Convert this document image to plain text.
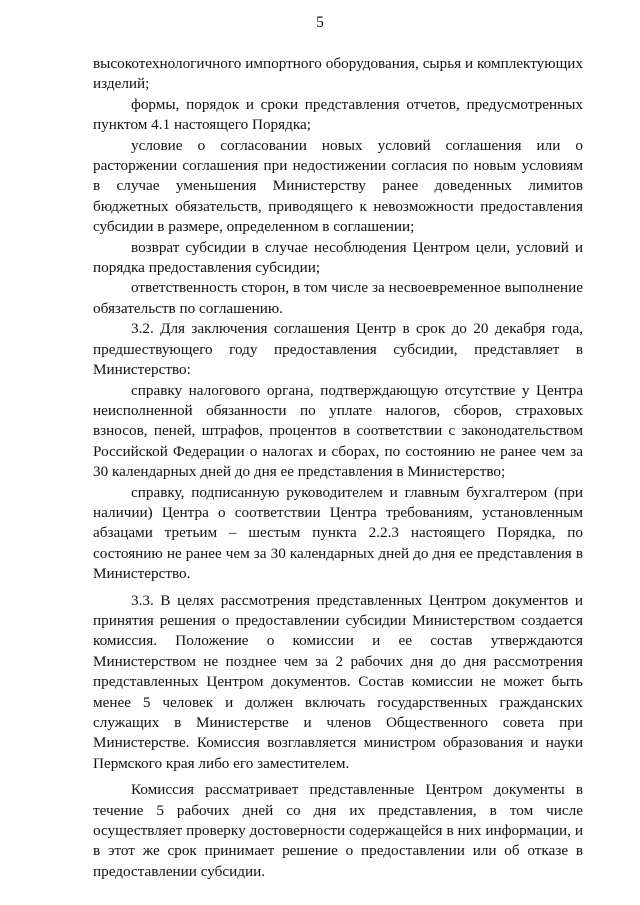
5

высокотехнологичного импортного оборудования, сырья и комплектующих изделий;

формы, порядок и сроки представления отчетов, предусмотренных пунктом 4.1 настоящего Порядка;

условие о согласовании новых условий соглашения или о расторжении соглашения при недостижении согласия по новым условиям в случае уменьшения Министерству ранее доведенных лимитов бюджетных обязательств, приводящего к невозможности предоставления субсидии в размере, определенном в соглашении;

возврат субсидии в случае несоблюдения Центром цели, условий и порядка предоставления субсидии;

ответственность сторон, в том числе за несвоевременное выполнение обязательств по соглашению.

3.2. Для заключения соглашения Центр в срок до 20 декабря года, предшествующего году предоставления субсидии, представляет в Министерство:

справку налогового органа, подтверждающую отсутствие у Центра неисполненной обязанности по уплате налогов, сборов, страховых взносов, пеней, штрафов, процентов в соответствии с законодательством Российской Федерации о налогах и сборах, по состоянию не ранее чем за 30 календарных дней до дня ее представления в Министерство;

справку, подписанную руководителем и главным бухгалтером (при наличии) Центра о соответствии Центра требованиям, установленным абзацами третьим – шестым пункта 2.2.3 настоящего Порядка, по состоянию не ранее чем за 30 календарных дней до дня ее представления в Министерство.

3.3. В целях рассмотрения представленных Центром документов и принятия решения о предоставлении субсидии Министерством создается комиссия. Положение о комиссии и ее состав утверждаются Министерством не позднее чем за 2 рабочих дня до дня рассмотрения представленных Центром документов. Состав комиссии не может быть менее 5 человек и должен включать государственных гражданских служащих в Министерстве и членов Общественного совета при Министерстве. Комиссия возглавляется министром образования и науки Пермского края либо его заместителем.

Комиссия рассматривает представленные Центром документы в течение 5 рабочих дней со дня их представления, в том числе осуществляет проверку достоверности содержащейся в них информации, и в этот же срок принимает решение о предоставлении или об отказе в предоставлении субсидии.
